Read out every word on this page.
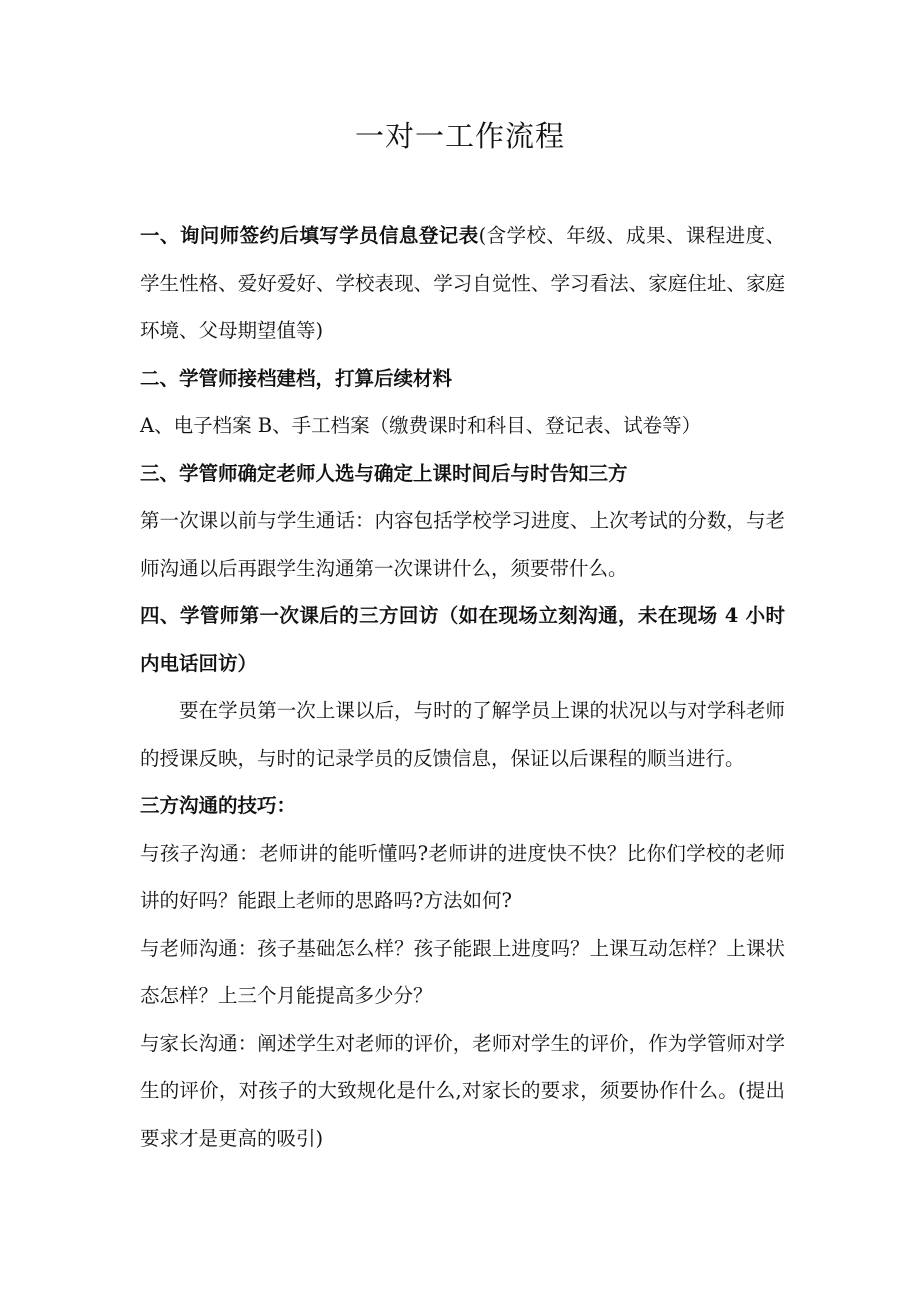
一对一工作流程

一、询问师签约后填写学员信息登记表(含学校、年级、成果、课程进度、学生性格、爱好爱好、学校表现、学习自觉性、学习看法、家庭住址、家庭环境、父母期望值等)

二、学管师接档建档，打算后续材料

A、电子档案 B、手工档案（缴费课时和科目、登记表、试卷等）

三、学管师确定老师人选与确定上课时间后与时告知三方

第一次课以前与学生通话：内容包括学校学习进度、上次考试的分数，与老师沟通以后再跟学生沟通第一次课讲什么，须要带什么。

四、学管师第一次课后的三方回访（如在现场立刻沟通，未在现场 4 小时内电话回访）

要在学员第一次上课以后，与时的了解学员上课的状况以与对学科老师的授课反映，与时的记录学员的反馈信息，保证以后课程的顺当进行。

三方沟通的技巧：

与孩子沟通：老师讲的能听懂吗?老师讲的进度快不快？比你们学校的老师讲的好吗？能跟上老师的思路吗?方法如何?

与老师沟通：孩子基础怎么样？孩子能跟上进度吗？上课互动怎样？上课状态怎样？上三个月能提高多少分？

与家长沟通：阐述学生对老师的评价，老师对学生的评价，作为学管师对学生的评价，对孩子的大致规化是什么,对家长的要求，须要协作什么。(提出要求才是更高的吸引)
